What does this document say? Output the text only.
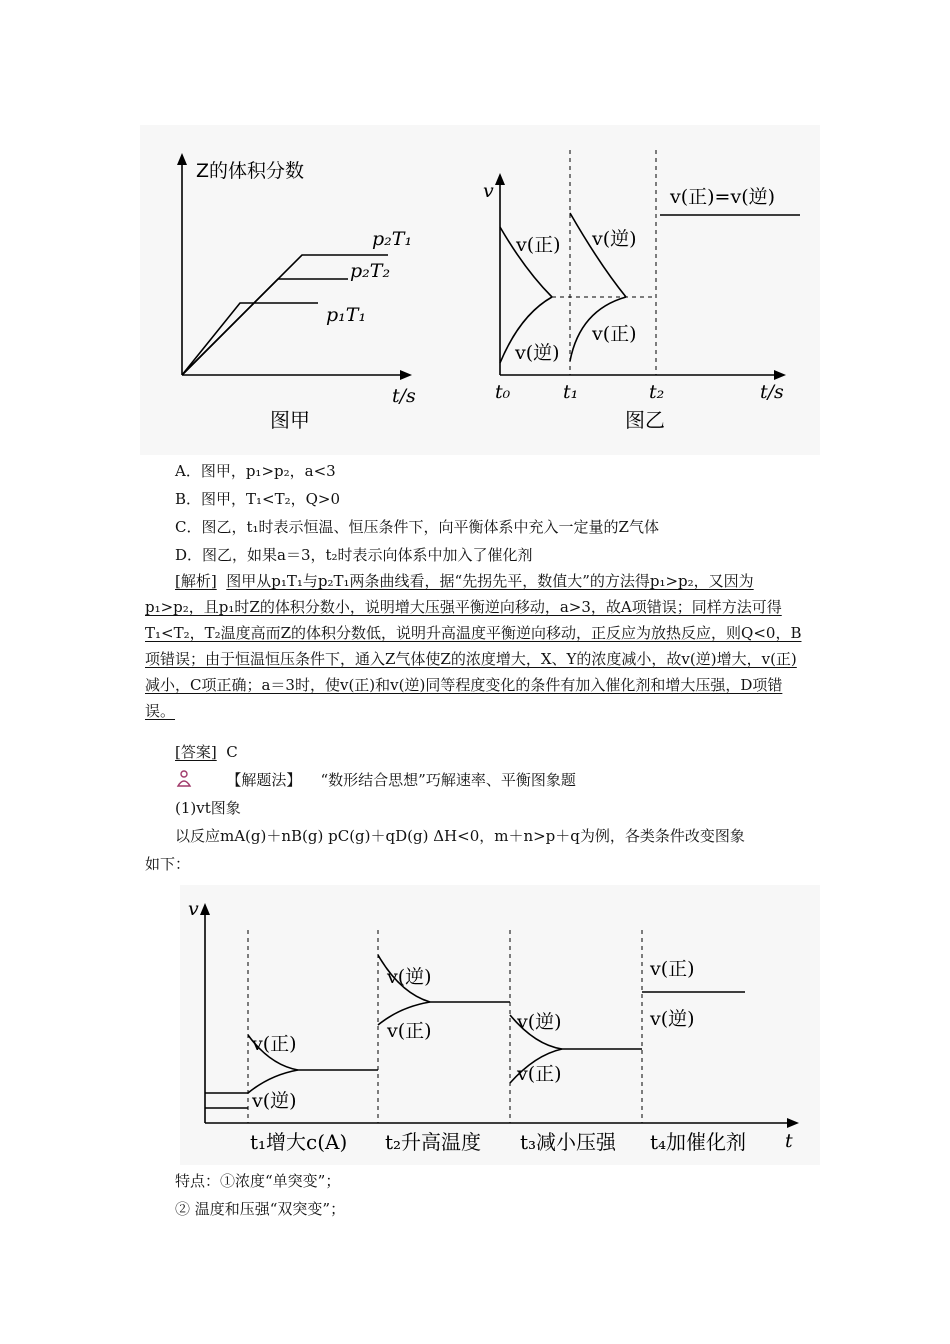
Z的体积分数
t/s
图甲
p₂T₁
p₂T₂
p₁T₁
v
t/s
图乙
t₀	t₁	t₂
v(正) v(逆)
v(逆)
v(正)
v(正)=v(逆)
A．图甲，p₁>p₂，a<3
B．图甲，T₁<T₂，Q>0
C．图乙，t₁时表示恒温、恒压条件下，向平衡体系中充入一定量的Z气体
D．图乙，如果a＝3，t₂时表示向体系中加入了催化剂
[解析] 图甲从p₁T₁与p₂T₁两条曲线看，据“先拐先平，数值大”的方法得p₁>p₂，又因为p₁>p₂，且p₁时Z的体积分数小，说明增大压强平衡逆向移动，a>3，故A项错误；同样方法可得T₁<T₂，T₂温度高而Z的体积分数低，说明升高温度平衡逆向移动，正反应为放热反应，则Q<0，B项错误；由于恒温恒压条件下，通入Z气体使Z的浓度增大，X、Y的浓度减小，故v(逆)增大，v(正)减小，C项正确；a＝3时，使v(正)和v(逆)同等程度变化的条件有加入催化剂和增大压强，D项错误。
[答案] C
【解题法】 “数形结合思想”巧解速率、平衡图象题
(1)vt图象
以反应mA(g)＋nB(g) pC(g)＋qD(g) ΔH<0，m＋n>p＋q为例，各类条件改变图象
如下：
v
t
t₁增大c(A) t₂升高温度 t₃减小压强 t₄加催化剂
v(正)
v(逆)
v(逆)
v(正)	v(逆)
v(正)
v(正)
v(逆)
特点：①浓度“单突变”；
② 温度和压强“双突变”；
